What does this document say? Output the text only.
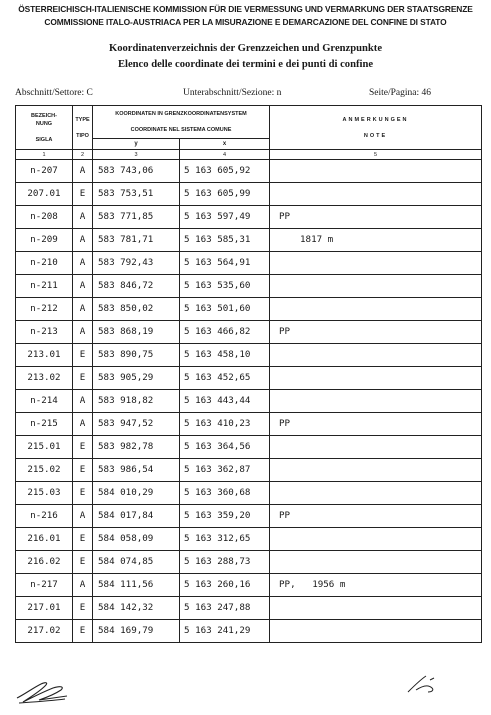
ÖSTERREICHISCH-ITALIENISCHE KOMMISSION FÜR DIE VERMESSUNG UND VERMARKUNG DER STAATSGRENZE
COMMISSIONE ITALO-AUSTRIACA PER LA MISURAZIONE E DEMARCAZIONE DEL CONFINE DI STATO
Koordinatenverzeichnis der Grenzzeichen und Grenzpunkte
Elenco delle coordinate dei termini e dei punti di confine
Abschnitt/Settore: C	Unterabschnitt/Sezione: n	Seite/Pagina: 46
BEZEICH-
NUNG

SIGLA	TYPE

TIPO	KOORDINATEN IN GRENZKOORDINATENSYSTEM

COORDINATE NEL SISTEMA COMUNE		ANMERKUNGEN

NOTE
		y	x	
1	2	3	4	5
n-207	A	583 743,06	5 163 605,92	
207.01	E	583 753,51	5 163 605,99	
n-208	A	583 771,85	5 163 597,49	PP
n-209	A	583 781,71	5 163 585,31	1817 m
n-210	A	583 792,43	5 163 564,91	
n-211	A	583 846,72	5 163 535,60	
n-212	A	583 850,02	5 163 501,60	
n-213	A	583 868,19	5 163 466,82	PP
213.01	E	583 890,75	5 163 458,10	
213.02	E	583 905,29	5 163 452,65	
n-214	A	583 918,82	5 163 443,44	
n-215	A	583 947,52	5 163 410,23	PP
215.01	E	583 982,78	5 163 364,56	
215.02	E	583 986,54	5 163 362,87	
215.03	E	584 010,29	5 163 360,68	
n-216	A	584 017,84	5 163 359,20	PP
216.01	E	584 058,09	5 163 312,65	
216.02	E	584 074,85	5 163 288,73	
n-217	A	584 111,56	5 163 260,16	PP,   1956 m
217.01	E	584 142,32	5 163 247,88	
217.02	E	584 169,79	5 163 241,29	
